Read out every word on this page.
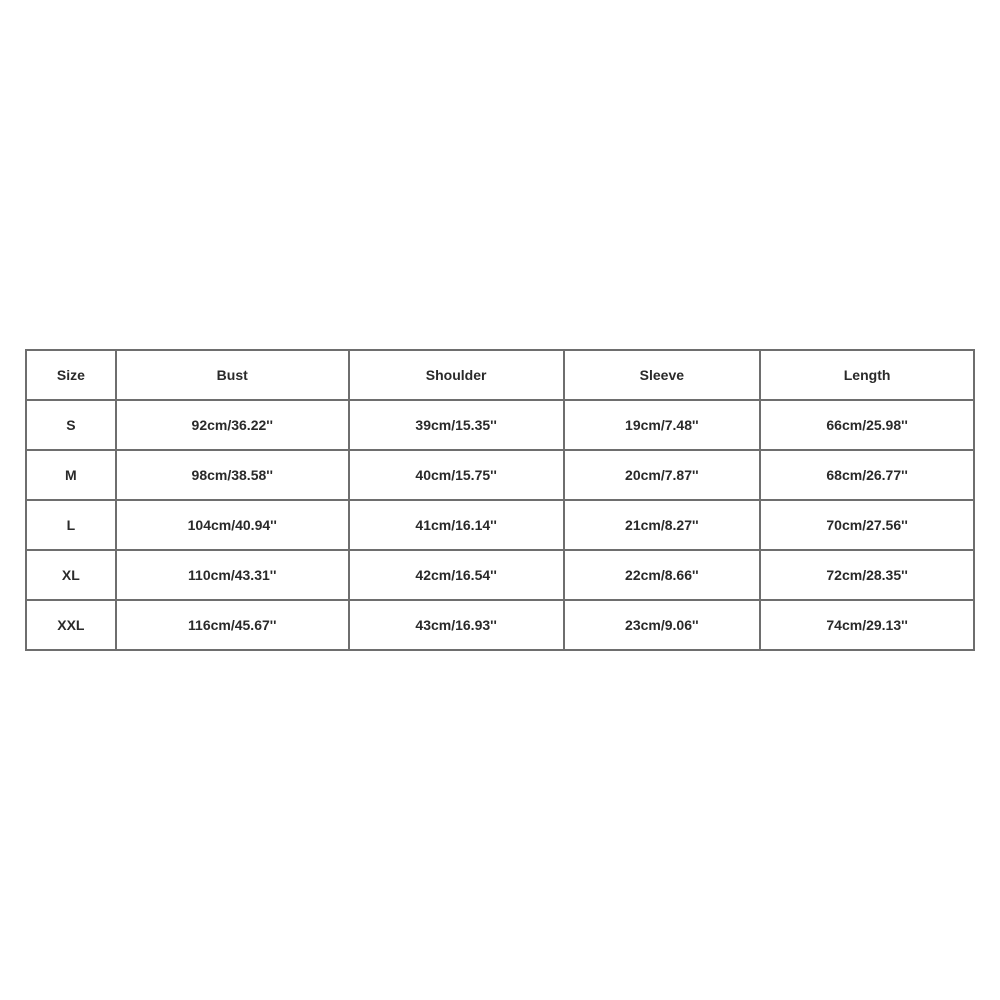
Size	Bust	Shoulder	Sleeve	Length
S	92cm/36.22''	39cm/15.35''	19cm/7.48''	66cm/25.98''
M	98cm/38.58''	40cm/15.75''	20cm/7.87''	68cm/26.77''
L	104cm/40.94''	41cm/16.14''	21cm/8.27''	70cm/27.56''
XL	110cm/43.31''	42cm/16.54''	22cm/8.66''	72cm/28.35''
XXL	116cm/45.67''	43cm/16.93''	23cm/9.06''	74cm/29.13''
